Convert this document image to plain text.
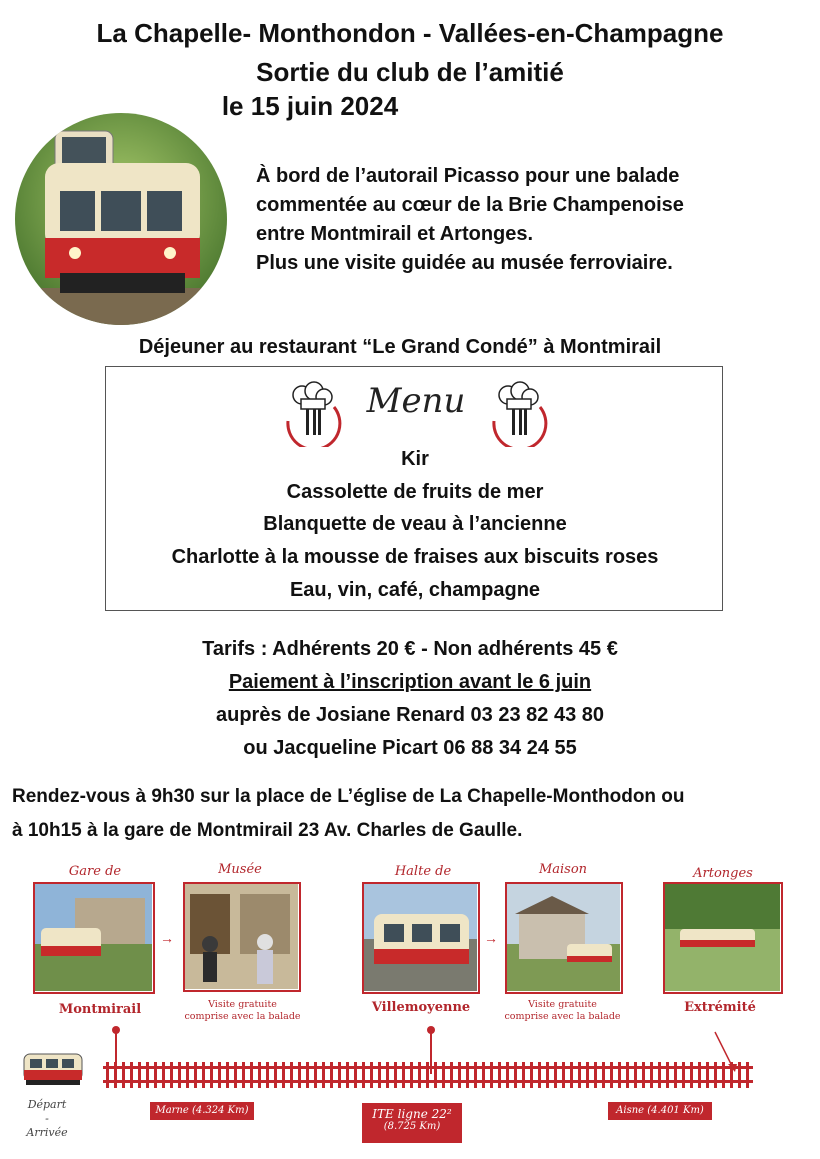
La Chapelle- Monthondon - Vallées-en-Champagne
Sortie du club de l’amitié
le 15 juin 2024
À bord de l’autorail Picasso pour une balade
commentée au cœur de la Brie Champenoise
entre Montmirail et Artonges.
Plus une visite guidée au musée ferroviaire.
Déjeuner au restaurant “Le Grand Condé” à Montmirail
Menu
Kir
Cassolette de fruits de mer
Blanquette de veau à l’ancienne
Charlotte à la mousse de fraises aux biscuits roses
Eau, vin, café, champagne
Tarifs : Adhérents 20 € - Non adhérents 45 €
Paiement à l’inscription avant le 6 juin
auprès de Josiane Renard 03 23 82 43 80
ou Jacqueline Picart 06 88 34 24 55
Rendez-vous à 9h30 sur la place de L’église de La Chapelle-Monthodon ou
à 10h15 à la gare de Montmirail 23 Av. Charles de Gaulle.
Gare de
Montmirail
→
Musée
Visite gratuite
comprise avec la balade
Halte de
Villemoyenne
→
Maison
Visite gratuite
comprise avec la balade
Artonges
Extrémité
Départ
-
Arrivée
Marne (4.324 Km)	ITE ligne 22²
(8.725 Km)
Aisne (4.401 Km)
